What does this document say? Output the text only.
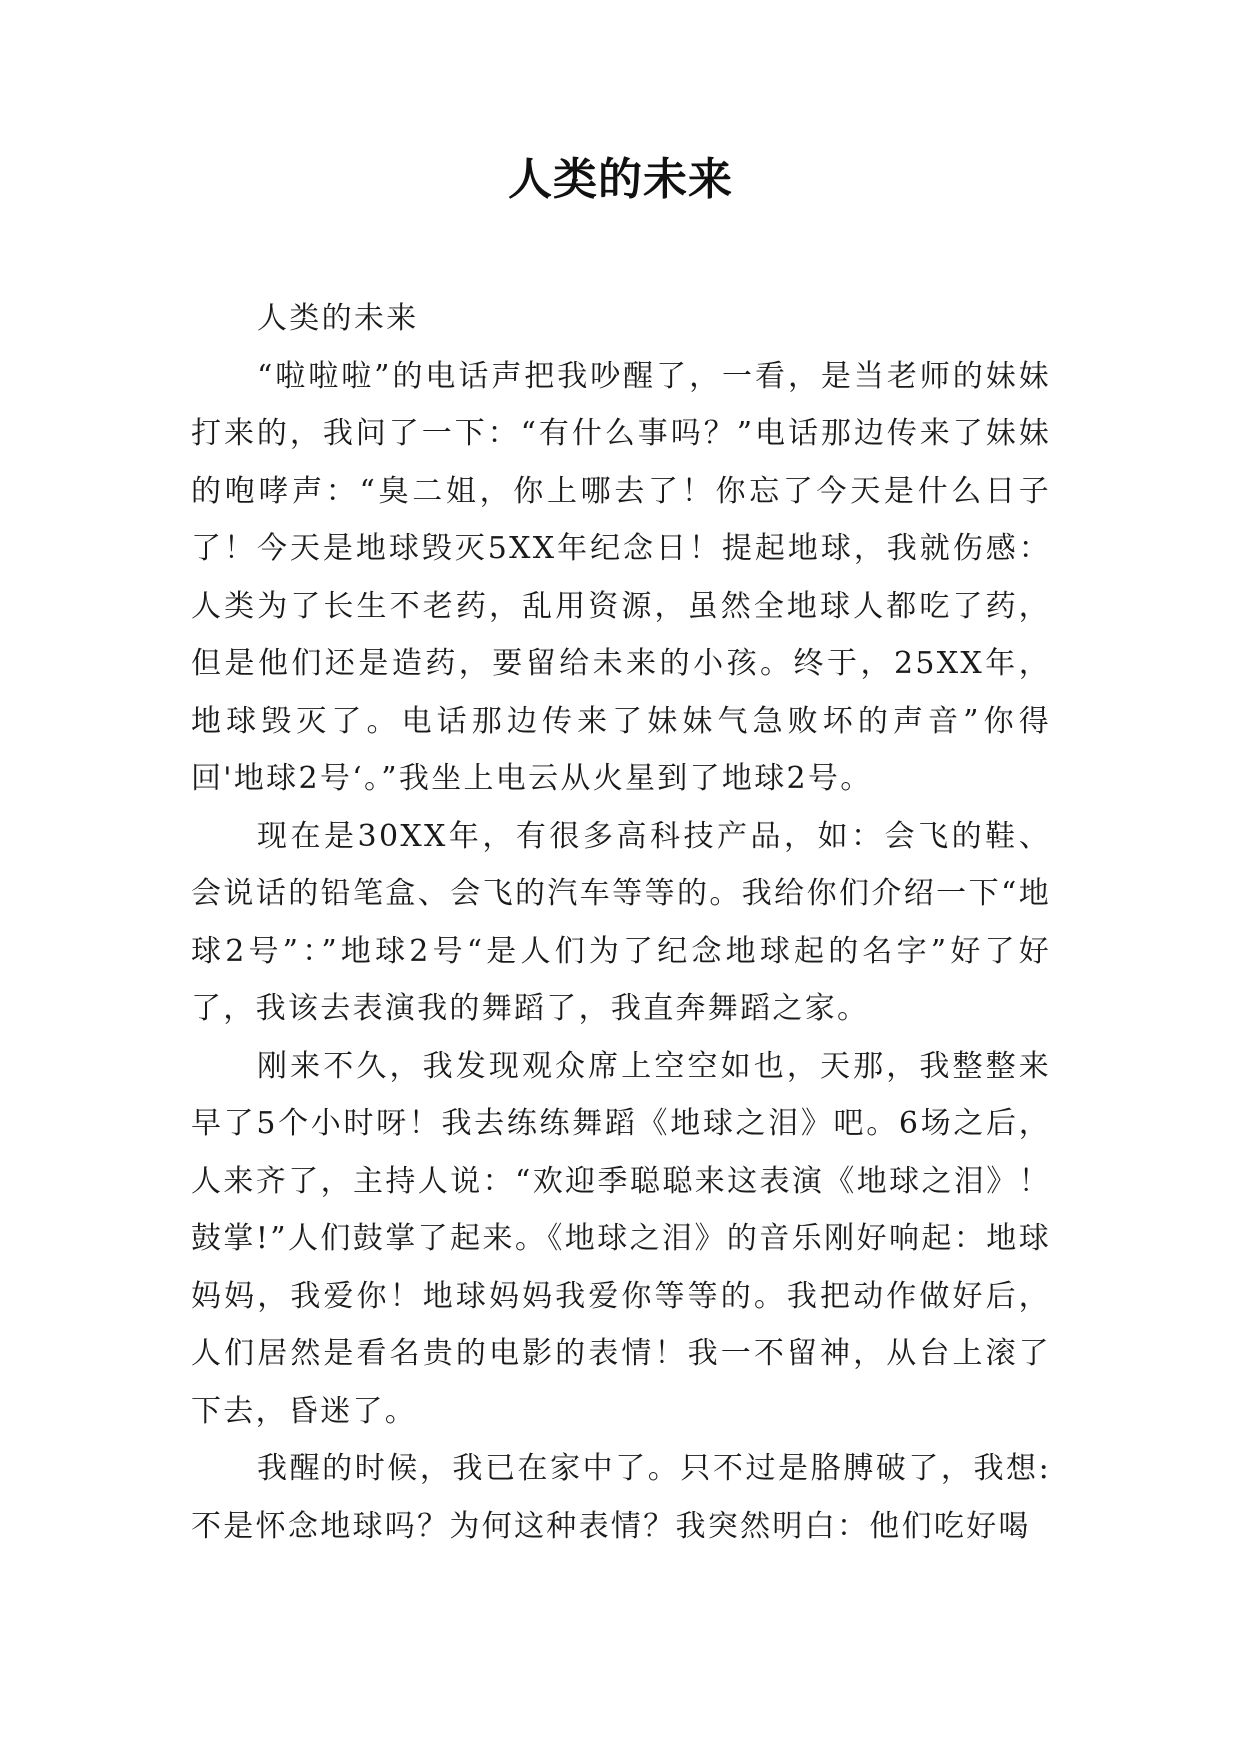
人类的未来

人类的未来

“啦啦啦”的电话声把我吵醒了，一看，是当老师的妹妹打来的，我问了一下：“有什么事吗？”电话那边传来了妹妹的咆哮声：“臭二姐，你上哪去了！你忘了今天是什么日子了！今天是地球毁灭5XX年纪念日！提起地球，我就伤感：人类为了长生不老药，乱用资源，虽然全地球人都吃了药，但是他们还是造药，要留给未来的小孩。终于，25XX年，地球毁灭了。电话那边传来了妹妹气急败坏的声音”你得回'地球2号‘。”我坐上电云从火星到了地球2号。

现在是30XX年，有很多高科技产品，如：会飞的鞋、会说话的铅笔盒、会飞的汽车等等的。我给你们介绍一下“地球2号”：”地球2号“是人们为了纪念地球起的名字”好了好了，我该去表演我的舞蹈了，我直奔舞蹈之家。

刚来不久，我发现观众席上空空如也，天那，我整整来早了5个小时呀！我去练练舞蹈《地球之泪》吧。6场之后，人来齐了，主持人说：“欢迎季聪聪来这表演《地球之泪》！鼓掌!”人们鼓掌了起来。《地球之泪》的音乐刚好响起：地球妈妈，我爱你！地球妈妈我爱你等等的。我把动作做好后，人们居然是看名贵的电影的表情！我一不留神，从台上滚了下去，昏迷了。

我醒的时候，我已在家中了。只不过是胳膊破了，我想:不是怀念地球吗？为何这种表情？我突然明白：他们吃好喝
